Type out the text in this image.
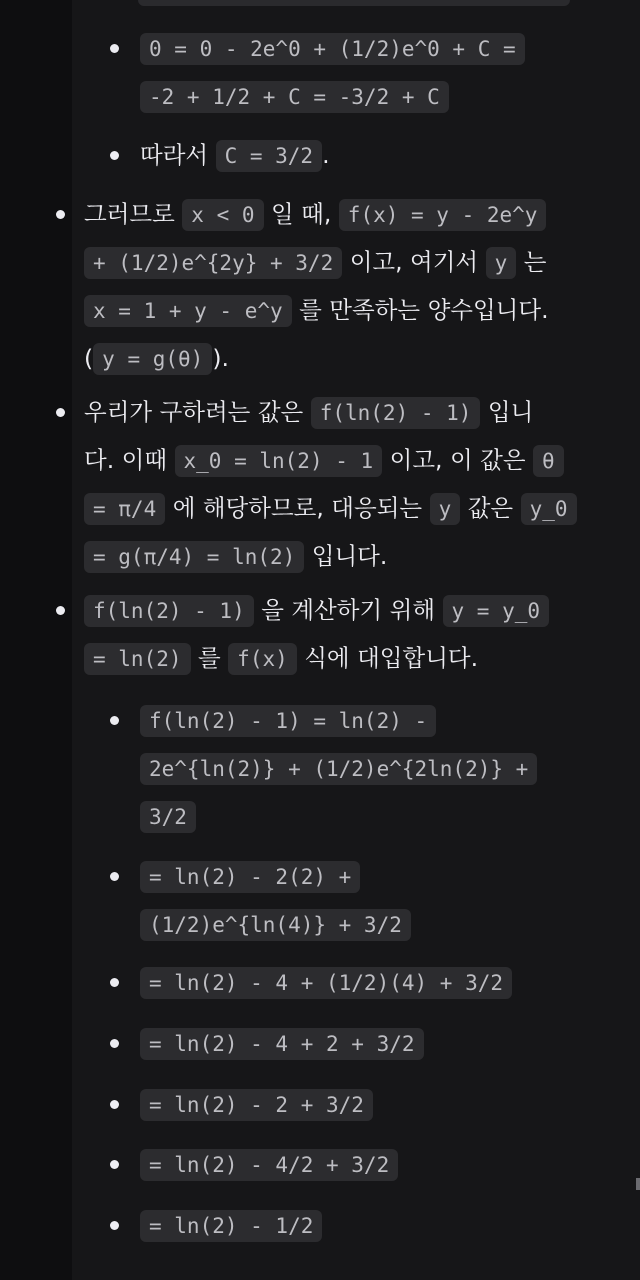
0 = 0 - 2e^0 + (1/2)e^0 + C =
-2 + 1/2 + C = -3/2 + C
따라서 C = 3/2 .
그러므로 x < 0 일 때, f(x) = y - 2e^y
+ (1/2)e^{2y} + 3/2 이고, 여기서 y 는
x = 1 + y - e^y 를 만족하는 양수입니다.
( y = g(θ) ).
우리가 구하려는 값은 f(ln(2) - 1) 입니
다. 이때 x_0 = ln(2) - 1 이고, 이 값은 θ
= π/4 에 해당하므로, 대응되는 y 값은 y_0
= g(π/4) = ln(2) 입니다.
f(ln(2) - 1) 을 계산하기 위해 y = y_0
= ln(2) 를 f(x) 식에 대입합니다.
f(ln(2) - 1) = ln(2) -
2e^{ln(2)} + (1/2)e^{2ln(2)} +
3/2
= ln(2) - 2(2) +
(1/2)e^{ln(4)} + 3/2
= ln(2) - 4 + (1/2)(4) + 3/2
= ln(2) - 4 + 2 + 3/2
= ln(2) - 2 + 3/2
= ln(2) - 4/2 + 3/2
= ln(2) - 1/2
